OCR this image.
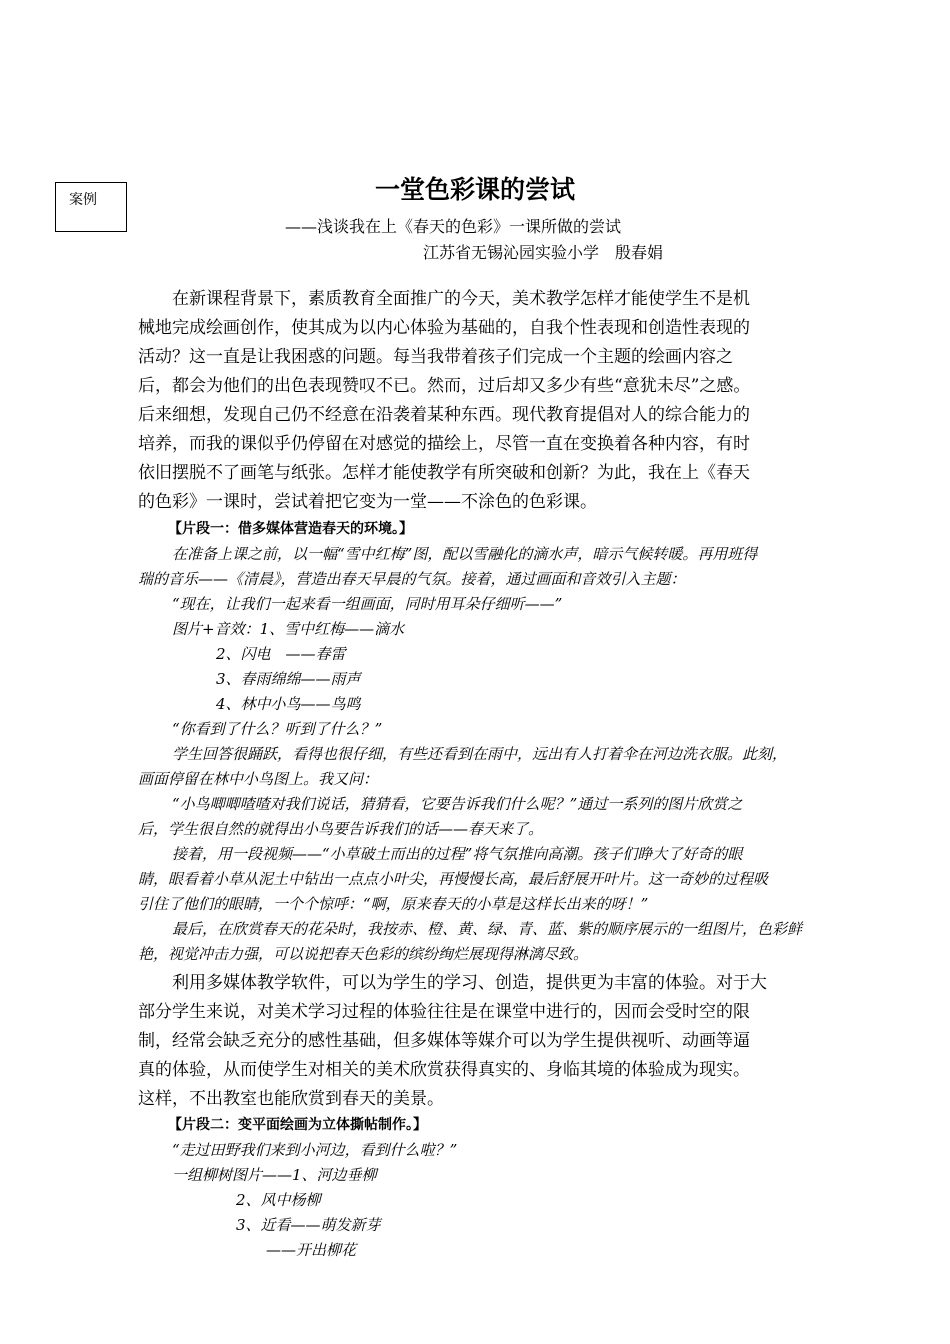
案例	一堂色彩课的尝试
——浅谈我在上《春天的色彩》一课所做的尝试
江苏省无锡沁园实验小学　殷春娟
　　在新课程背景下，素质教育全面推广的今天，美术教学怎样才能使学生不是机
械地完成绘画创作，使其成为以内心体验为基础的，自我个性表现和创造性表现的
活动？这一直是让我困惑的问题。每当我带着孩子们完成一个主题的绘画内容之
后，都会为他们的出色表现赞叹不已。然而，过后却又多少有些“意犹未尽”之感。
后来细想，发现自己仍不经意在沿袭着某种东西。现代教育提倡对人的综合能力的
培养，而我的课似乎仍停留在对感觉的描绘上，尽管一直在变换着各种内容，有时
依旧摆脱不了画笔与纸张。怎样才能使教学有所突破和创新？为此，我在上《春天
的色彩》一课时，尝试着把它变为一堂——不涂色的色彩课。
【片段一：借多媒体营造春天的环境。】
在准备上课之前，以一幅“雪中红梅”图，配以雪融化的滴水声，暗示气候转暖。再用班得
瑞的音乐——《清晨》，营造出春天早晨的气氛。接着，通过画面和音效引入主题：
“现在，让我们一起来看一组画面，同时用耳朵仔细听——”
图片+音效：1、雪中红梅——滴水
2、闪电　——春雷
3、春雨绵绵——雨声
4、林中小鸟——鸟鸣
“你看到了什么？听到了什么？”
学生回答很踊跃，看得也很仔细，有些还看到在雨中，远出有人打着伞在河边洗衣服。此刻，
画面停留在林中小鸟图上。我又问：
“小鸟唧唧喳喳对我们说话，猜猜看，它要告诉我们什么呢？”通过一系列的图片欣赏之
后，学生很自然的就得出小鸟要告诉我们的话——春天来了。
接着，用一段视频——“小草破土而出的过程”将气氛推向高潮。孩子们睁大了好奇的眼
睛，眼看着小草从泥土中钻出一点点小叶尖，再慢慢长高，最后舒展开叶片。这一奇妙的过程吸
引住了他们的眼睛，一个个惊呼：“啊，原来春天的小草是这样长出来的呀！”
最后，在欣赏春天的花朵时，我按赤、橙、黄、绿、青、蓝、紫的顺序展示的一组图片，色彩鲜
艳，视觉冲击力强，可以说把春天色彩的缤纷绚烂展现得淋漓尽致。
　　利用多媒体教学软件，可以为学生的学习、创造，提供更为丰富的体验。对于大
部分学生来说，对美术学习过程的体验往往是在课堂中进行的，因而会受时空的限
制，经常会缺乏充分的感性基础，但多媒体等媒介可以为学生提供视听、动画等逼
真的体验，从而使学生对相关的美术欣赏获得真实的、身临其境的体验成为现实。
这样，不出教室也能欣赏到春天的美景。
【片段二：变平面绘画为立体撕帖制作。】
“走过田野我们来到小河边，看到什么啦？”
一组柳树图片——1、河边垂柳
2、风中杨柳
3、近看——萌发新芽
——开出柳花
